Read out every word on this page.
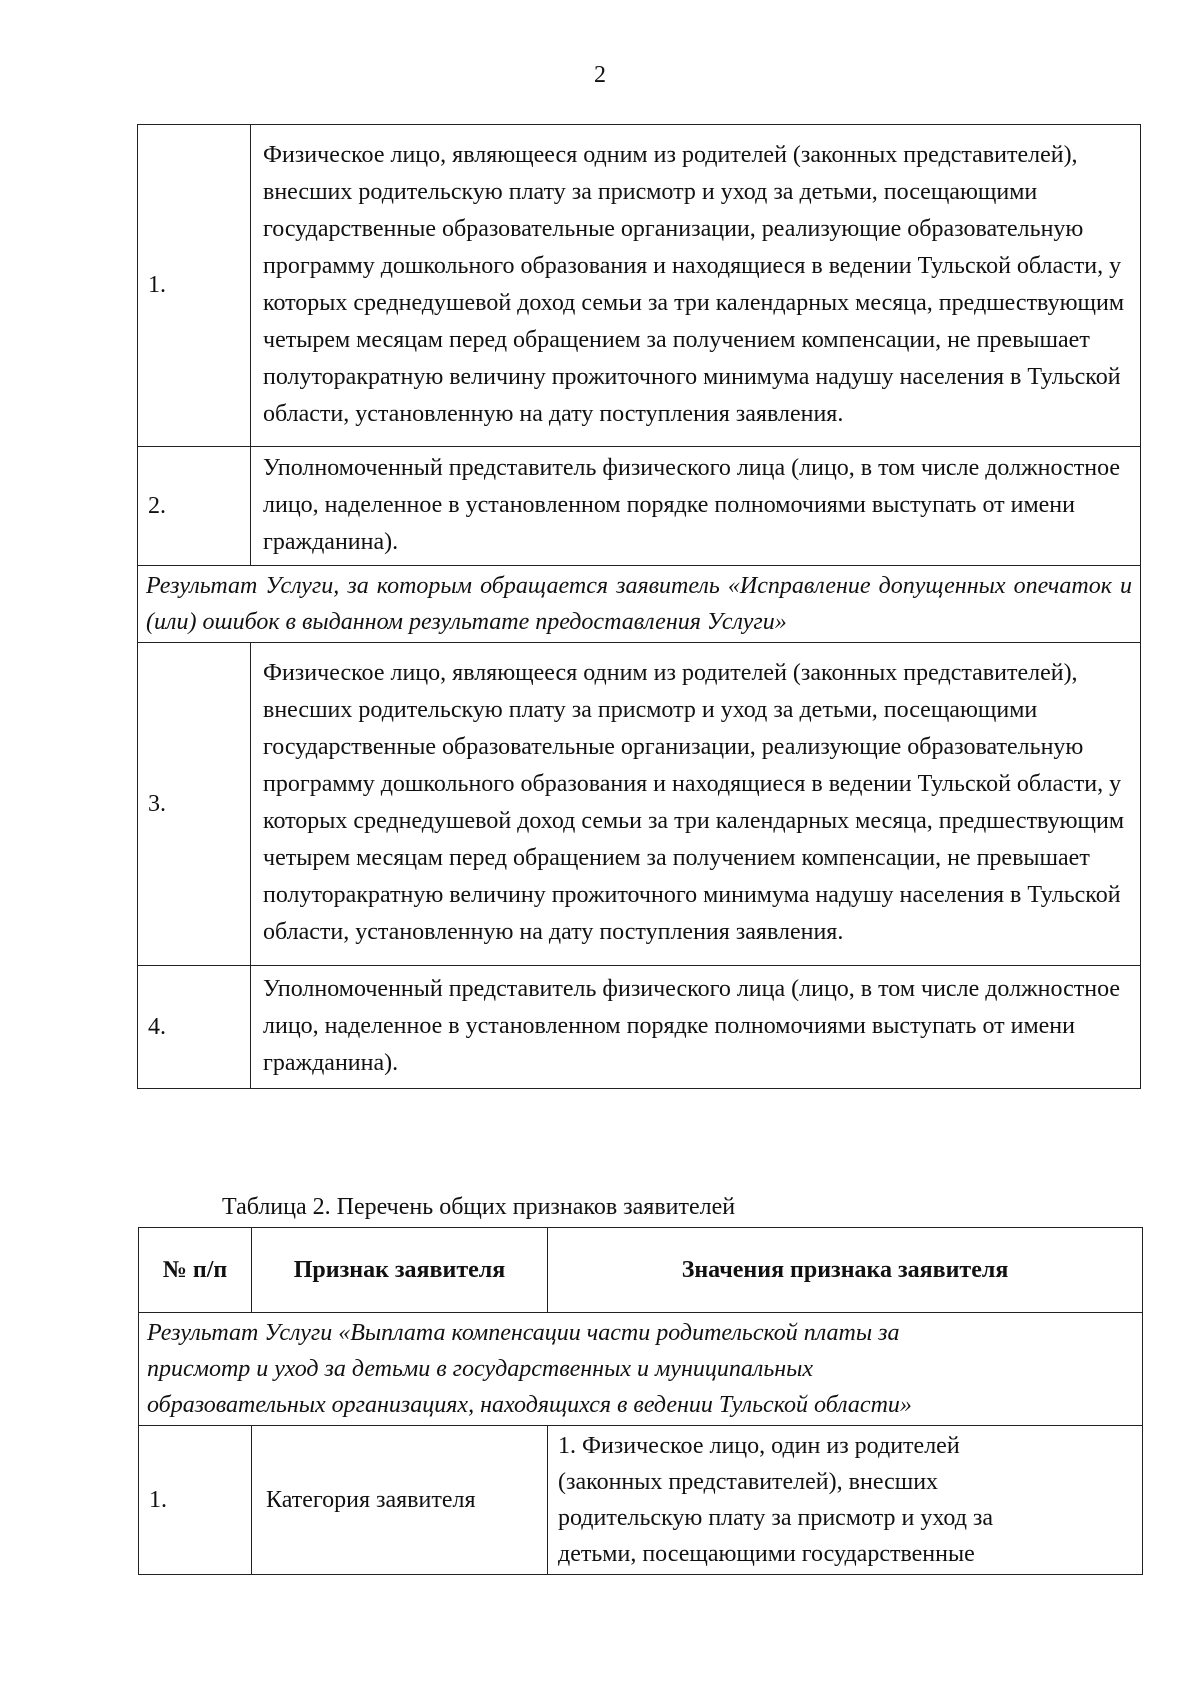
2
1.	Физическое лицо, являющееся одним из родителей (законных представителей), внесших родительскую плату за присмотр и уход за детьми, посещающими государственные образовательные организации, реализующие образовательную программу дошкольного образования и находящиеся в ведении Тульской области, у которых среднедушевой доход семьи за три календарных месяца, предшествующим четырем месяцам перед обращением за получением компенсации, не превышает полуторакратную величину прожиточного минимума надушу населения в Тульской области, установленную на дату поступления заявления.
2.	Уполномоченный представитель физического лица (лицо, в том числе должностное лицо, наделенное в установленном порядке полномочиями выступать от имени гражданина).
Результат Услуги, за которым обращается заявитель «Исправление допущенных опечаток и (или) ошибок в выданном результате предоставления Услуги»	
3.	Физическое лицо, являющееся одним из родителей (законных представителей), внесших родительскую плату за присмотр и уход за детьми, посещающими государственные образовательные организации, реализующие образовательную программу дошкольного образования и находящиеся в ведении Тульской области, у которых среднедушевой доход семьи за три календарных месяца, предшествующим четырем месяцам перед обращением за получением компенсации, не превышает полуторакратную величину прожиточного минимума надушу населения в Тульской области, установленную на дату поступления заявления.
4.	Уполномоченный представитель физического лица (лицо, в том числе должностное лицо, наделенное в установленном порядке полномочиями выступать от имени гражданина).
Таблица 2. Перечень общих признаков заявителей
№ п/п	Признак заявителя	Значения признака заявителя

Результат Услуги «Выплата компенсации части родительской платы за
присмотр и уход за детьми в государственных и муниципальных
образовательных организациях, находящихся в ведении Тульской области»		

1.	Категория заявителя	1. Физическое лицо, один из родителей
(законных представителей), внесших
родительскую плату за присмотр и уход за
детьми, посещающими государственные
